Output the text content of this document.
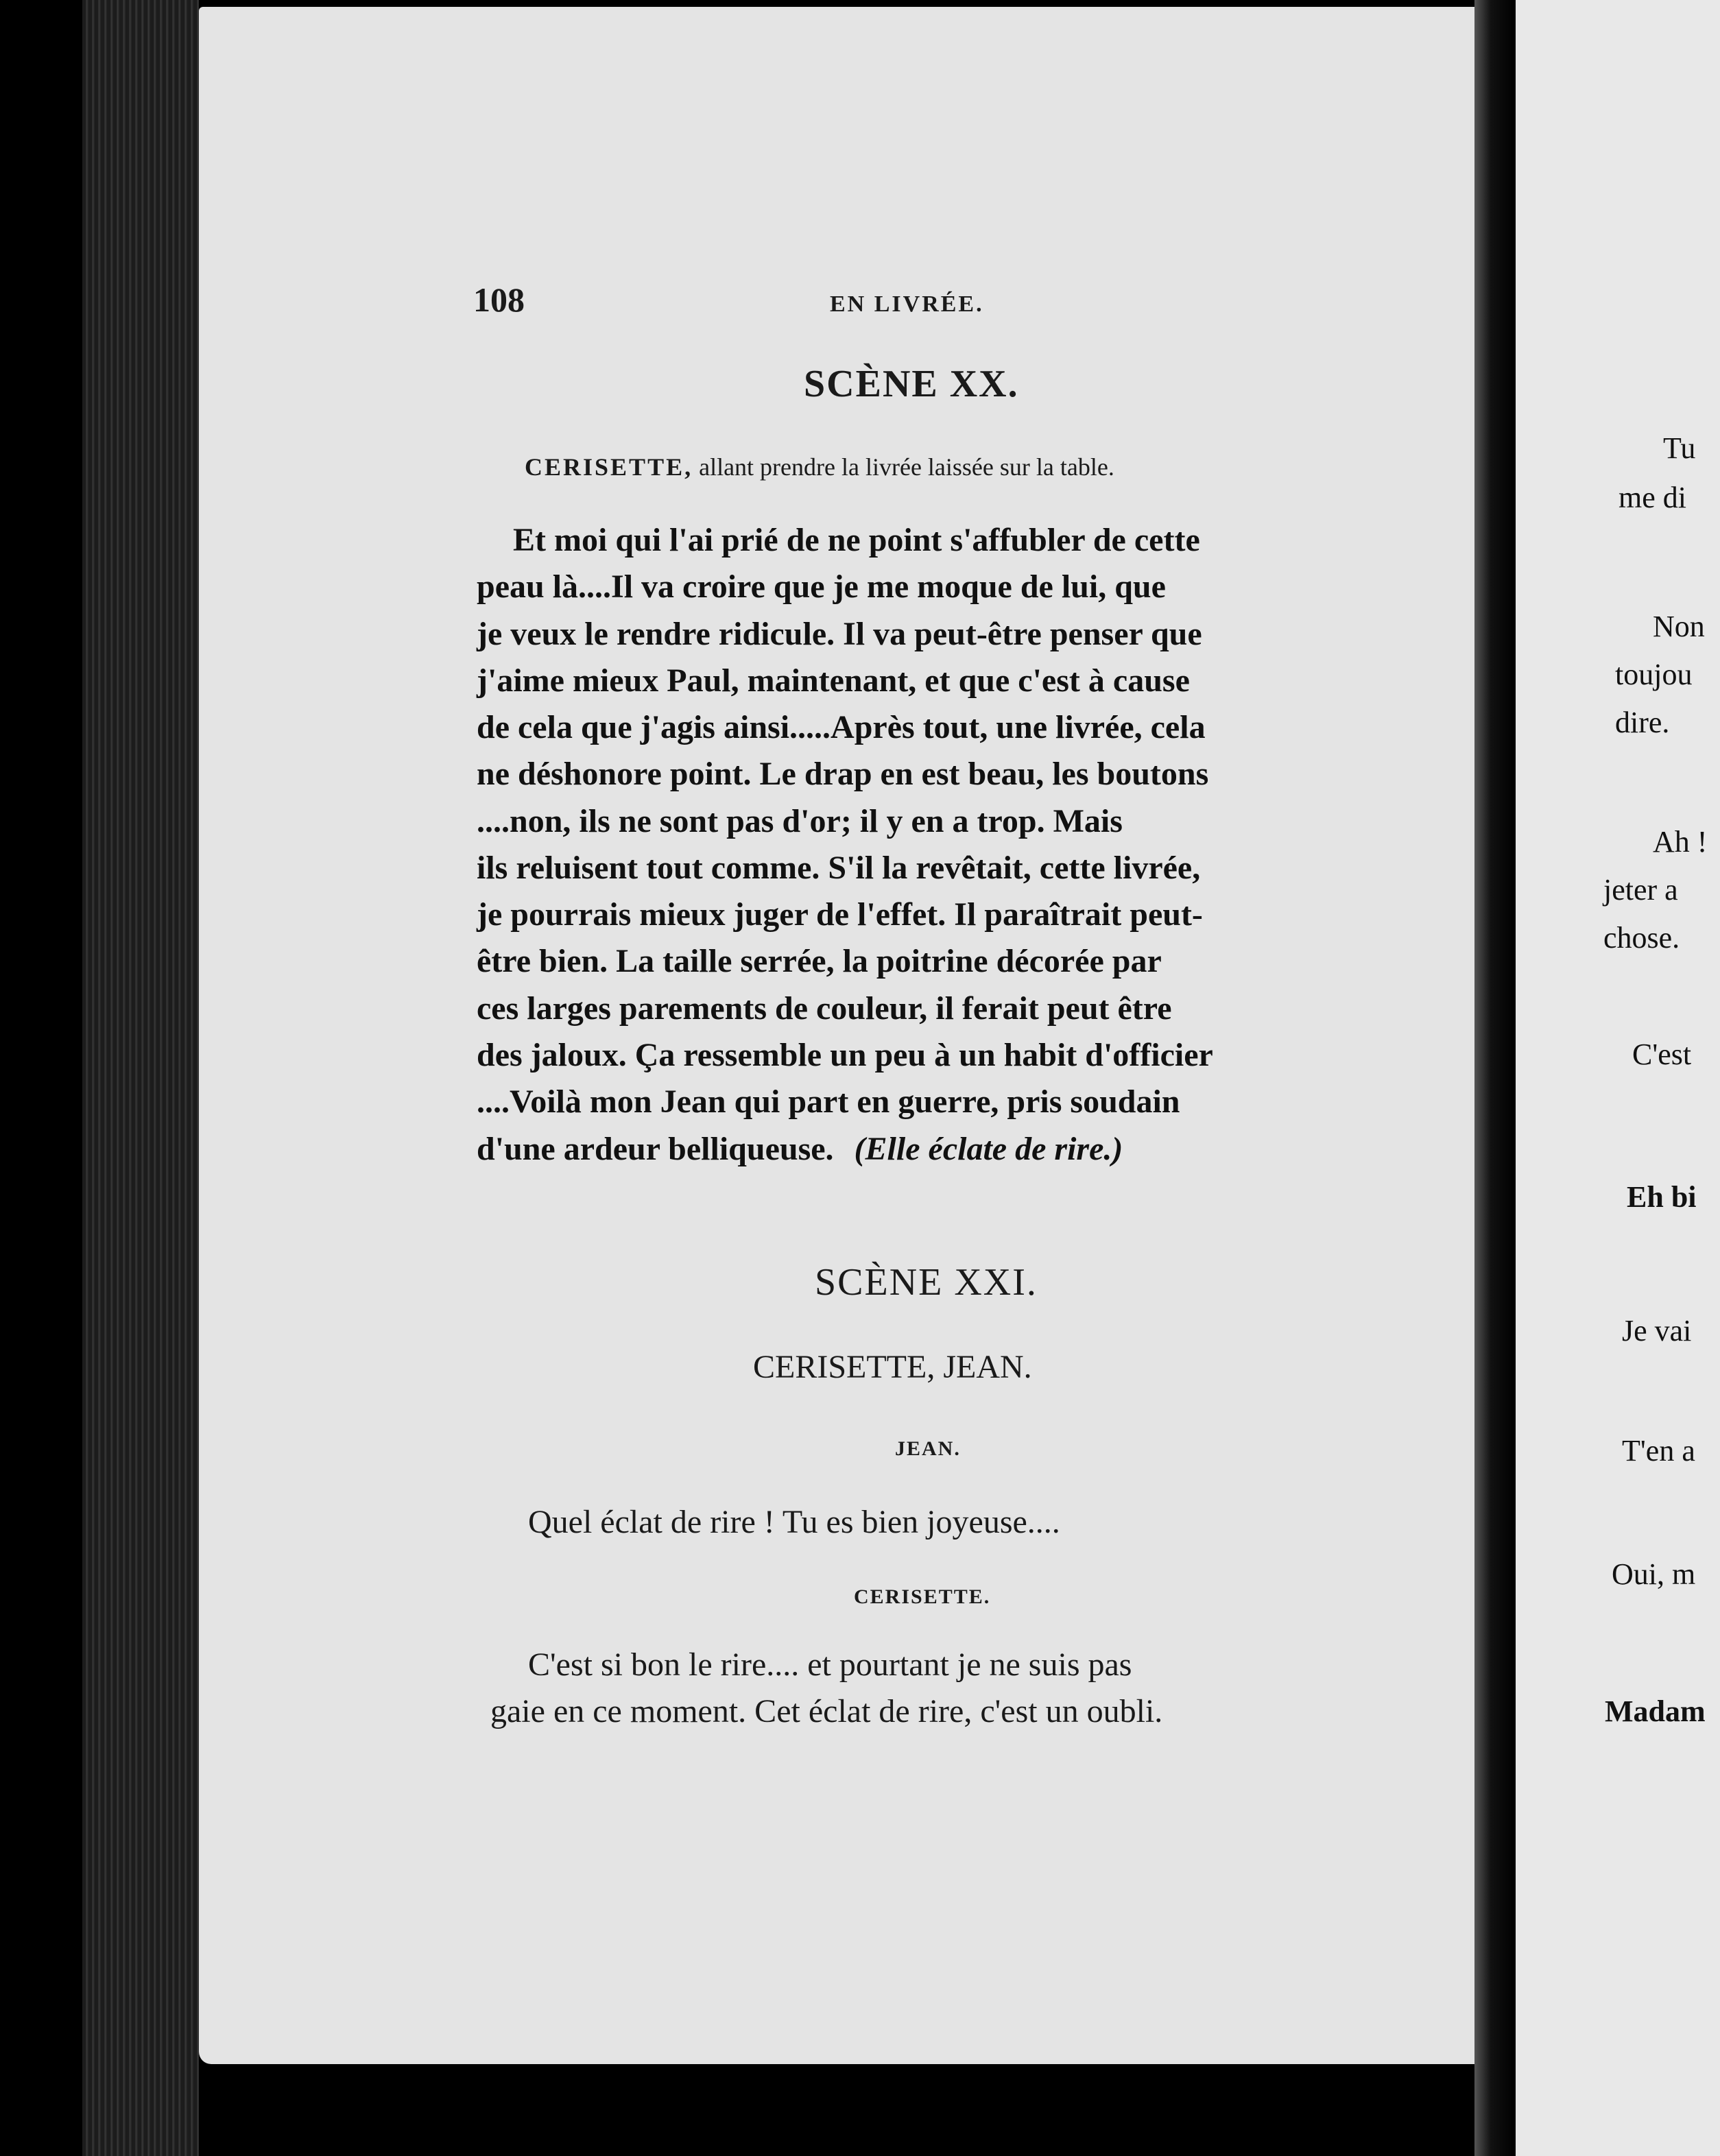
108	EN LIVRÉE.
SCÈNE XX.
CERISETTE, allant prendre la livrée laissée sur la table.
Et moi qui l'ai prié de ne point s'affubler de cette
peau là....Il va croire que je me moque de lui, que
je veux le rendre ridicule. Il va peut-être penser que
j'aime mieux Paul, maintenant, et que c'est à cause
de cela que j'agis ainsi.....Après tout, une livrée, cela
ne déshonore point. Le drap en est beau, les boutons
....non, ils ne sont pas d'or; il y en a trop. Mais
ils reluisent tout comme. S'il la revêtait, cette livrée,
je pourrais mieux juger de l'effet. Il paraîtrait peut-
être bien. La taille serrée, la poitrine décorée par
ces larges parements de couleur, il ferait peut être
des jaloux. Ça ressemble un peu à un habit d'officier
....Voilà mon Jean qui part en guerre, pris soudain
d'une ardeur belliqueuse. (Elle éclate de rire.)
SCÈNE XXI.
CERISETTE, JEAN.
JEAN.
Quel éclat de rire ! Tu es bien joyeuse....
CERISETTE.
C'est si bon le rire.... et pourtant je ne suis pas
gaie en ce moment. Cet éclat de rire, c'est un oubli.
Tu
me di
Non
toujou
dire.
Ah !
jeter a
chose.
C'est
Eh bi
Je vai
T'en a
Oui, m
Madam
